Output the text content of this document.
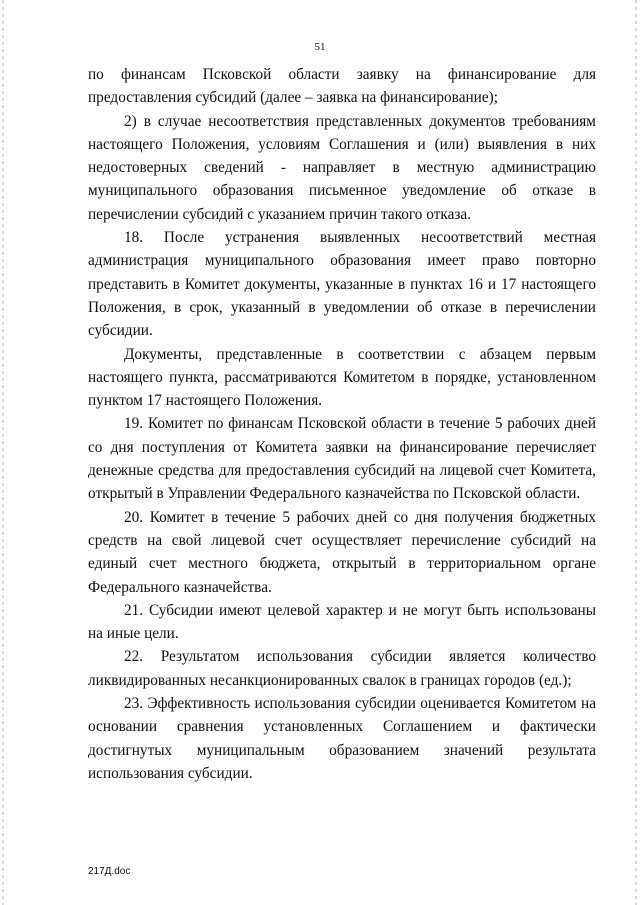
51

по финансам Псковской области заявку на финансирование для предоставления субсидий (далее – заявка на финансирование);

2) в случае несоответствия представленных документов требованиям настоящего Положения, условиям Соглашения и (или) выявления в них недостоверных сведений - направляет в местную администрацию муниципального образования письменное уведомление об отказе в перечислении субсидий с указанием причин такого отказа.

18. После устранения выявленных несоответствий местная администрация муниципального образования имеет право повторно представить в Комитет документы, указанные в пунктах 16 и 17 настоящего Положения, в срок, указанный в уведомлении об отказе в перечислении субсидии.

Документы, представленные в соответствии с абзацем первым настоящего пункта, рассматриваются Комитетом в порядке, установленном пунктом 17 настоящего Положения.

19. Комитет по финансам Псковской области в течение 5 рабочих дней со дня поступления от Комитета заявки на финансирование перечисляет денежные средства для предоставления субсидий на лицевой счет Комитета, открытый в Управлении Федерального казначейства по Псковской области.

20. Комитет в течение 5 рабочих дней со дня получения бюджетных средств на свой лицевой счет осуществляет перечисление субсидий на единый счет местного бюджета, открытый в территориальном органе Федерального казначейства.

21. Субсидии имеют целевой характер и не могут быть использованы на иные цели.

22. Результатом использования субсидии является количество ликвидированных несанкционированных свалок в границах городов (ед.);

23. Эффективность использования субсидии оценивается Комитетом на основании сравнения установленных Соглашением и фактически достигнутых муниципальным образованием значений результата использования субсидии.

217Д.doc
